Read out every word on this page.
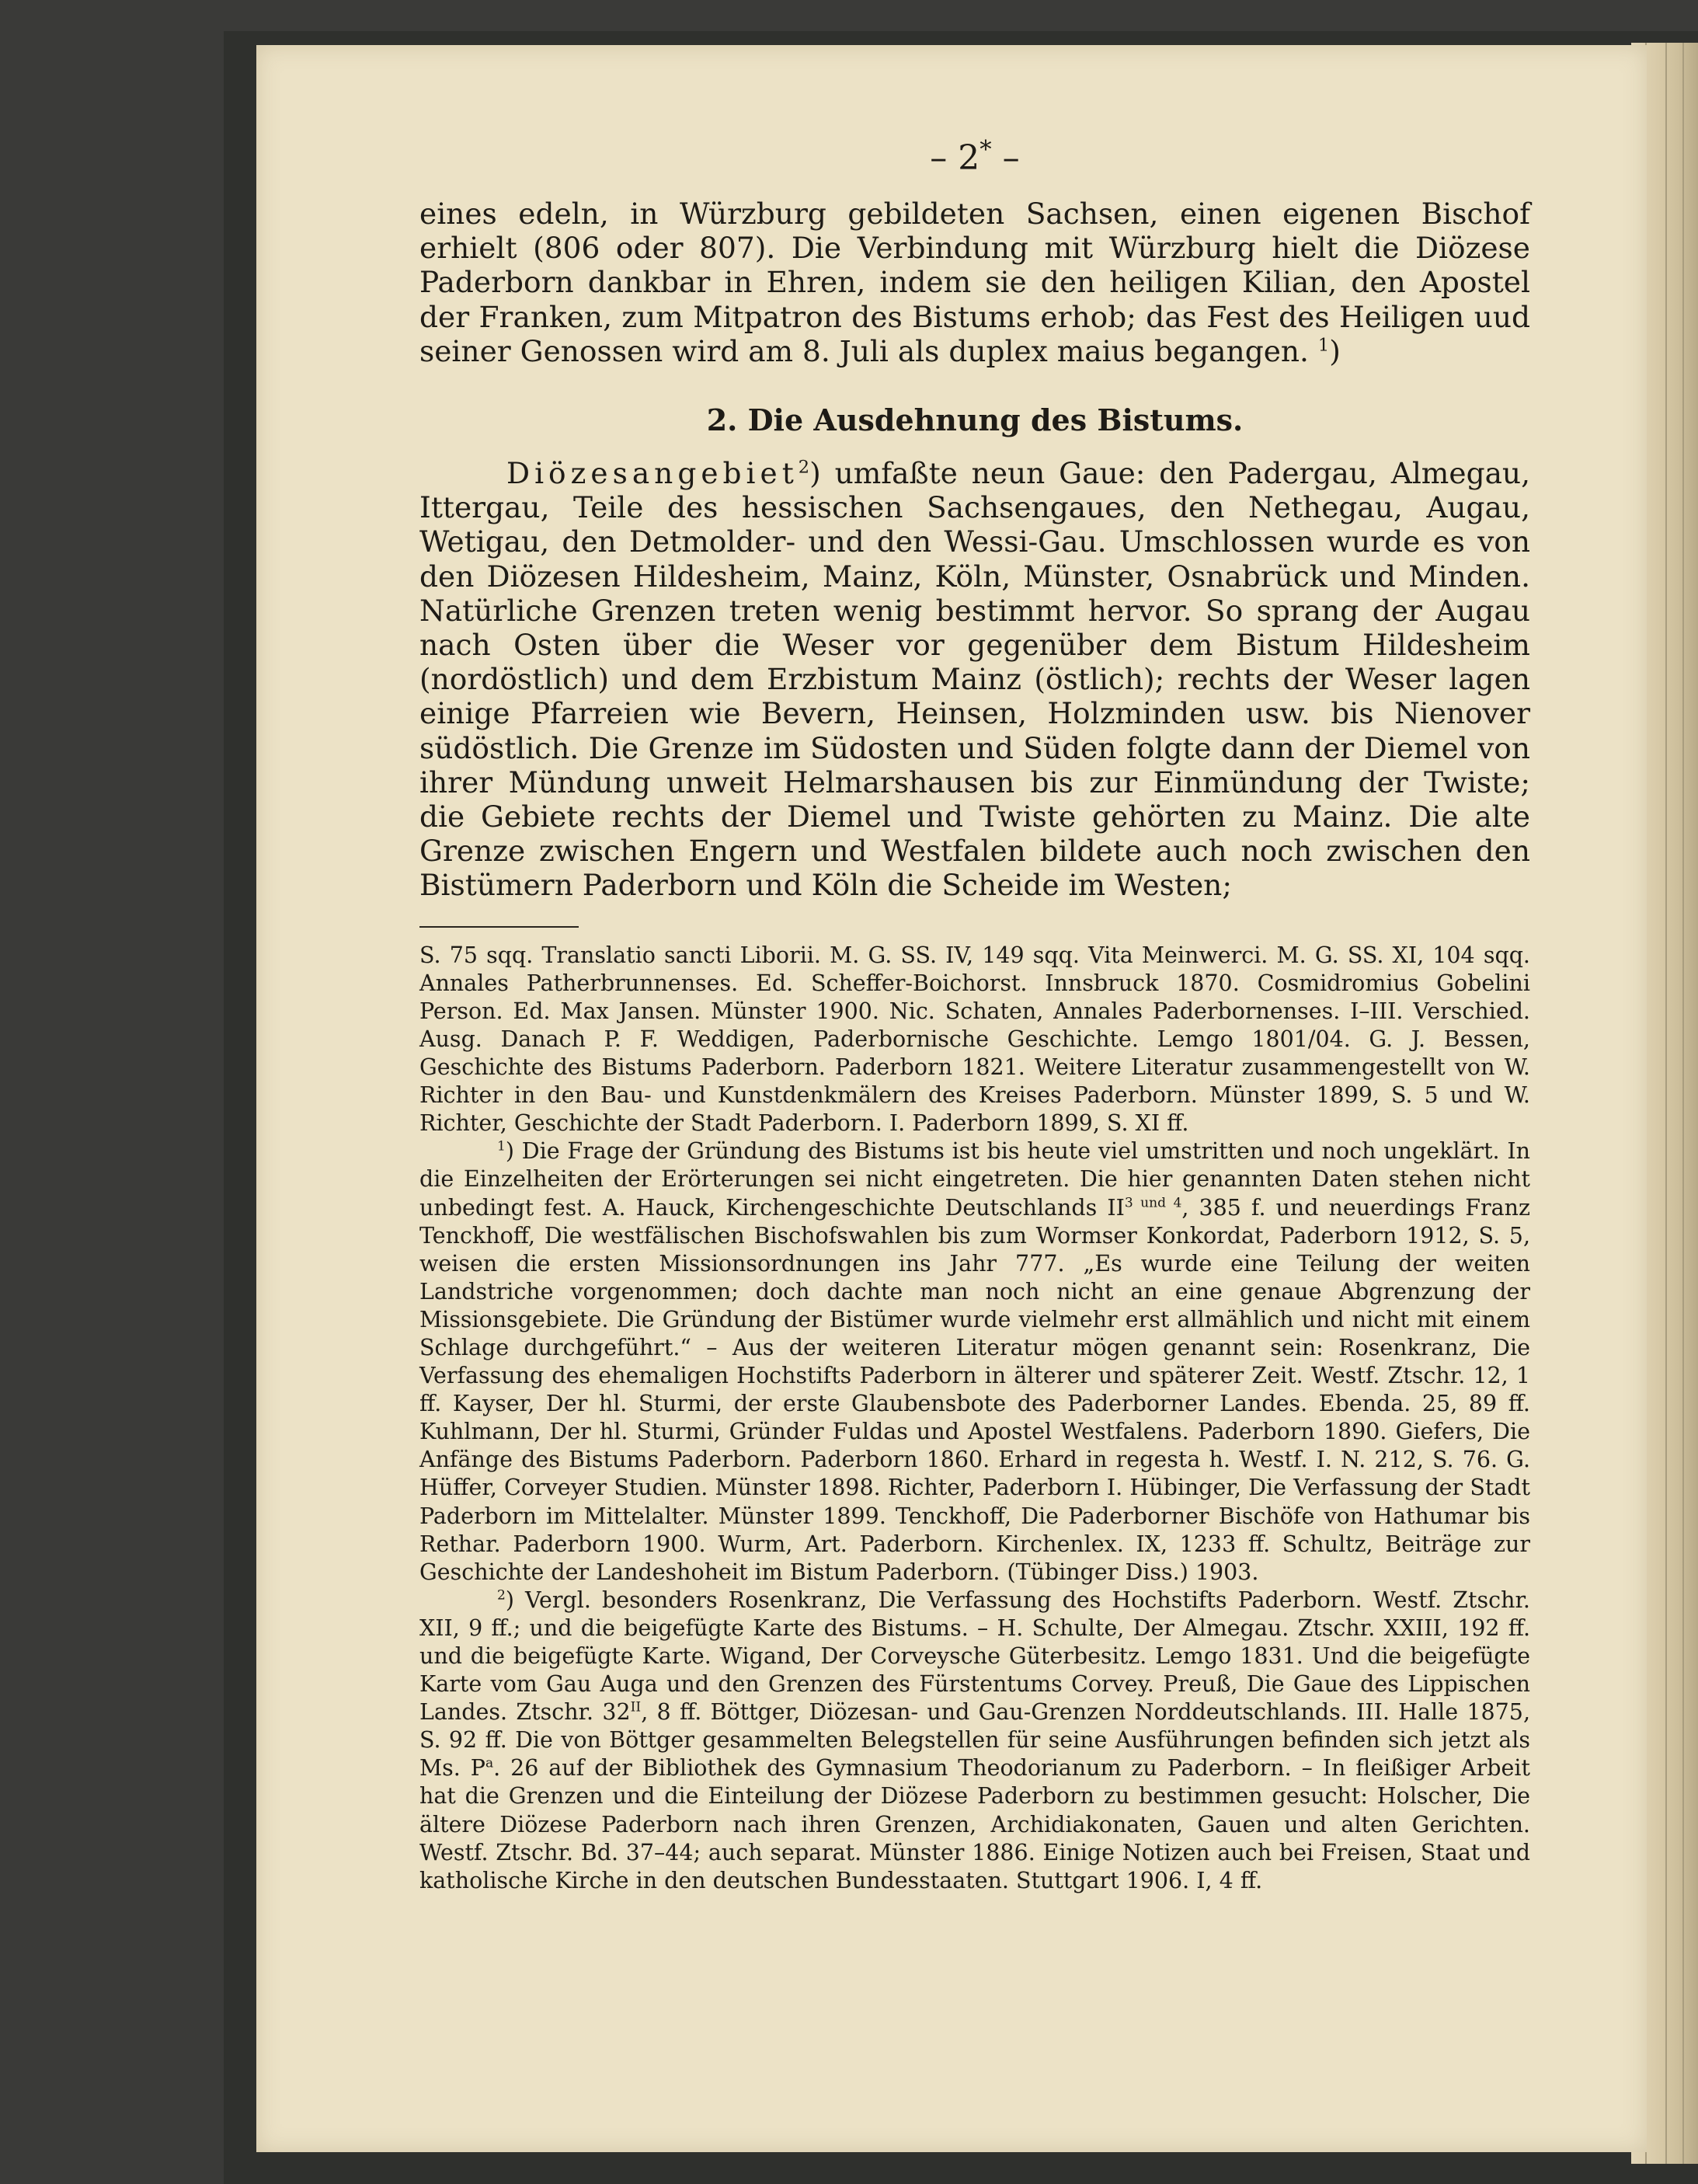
– 2* –

eines edeln, in Würzburg gebildeten Sachsen, einen eigenen Bischof erhielt (806 oder 807). Die Verbindung mit Würzburg hielt die Diözese Paderborn dankbar in Ehren, indem sie den heiligen Kilian, den Apostel der Franken, zum Mitpatron des Bistums erhob; das Fest des Heiligen uud seiner Genossen wird am 8. Juli als duplex maius begangen. $^1$)

2. Die Ausdehnung des Bistums.

Diözesangebiet$^2$) umfaßte neun Gaue: den Padergau, Almegau, Ittergau, Teile des hessischen Sachsengaues, den Nethegau, Augau, Wetigau, den Detmolder- und den Wessi-Gau. Umschlossen wurde es von den Diözesen Hildesheim, Mainz, Köln, Münster, Osnabrück und Minden. Natürliche Grenzen treten wenig bestimmt hervor. So sprang der Augau nach Osten über die Weser vor gegenüber dem Bistum Hildesheim (nordöstlich) und dem Erzbistum Mainz (östlich); rechts der Weser lagen einige Pfarreien wie Bevern, Heinsen, Holzminden usw. bis Nienover südöstlich. Die Grenze im Südosten und Süden folgte dann der Diemel von ihrer Mündung unweit Helmarshausen bis zur Einmündung der Twiste; die Gebiete rechts der Diemel und Twiste gehörten zu Mainz. Die alte Grenze zwischen Engern und Westfalen bildete auch noch zwischen den Bistümern Paderborn und Köln die Scheide im Westen;

S. 75 sqq. Translatio sancti Liborii. M. G. SS. IV, 149 sqq. Vita Meinwerci. M. G. SS. XI, 104 sqq. Annales Patherbrunnenses. Ed. Scheffer-Boichorst. Innsbruck 1870. Cosmidromius Gobelini Person. Ed. Max Jansen. Münster 1900. Nic. Schaten, Annales Paderbornenses. I–III. Verschied. Ausg. Danach P. F. Weddigen, Paderbornische Geschichte. Lemgo 1801/04. G. J. Bessen, Geschichte des Bistums Paderborn. Paderborn 1821. Weitere Literatur zusammengestellt von W. Richter in den Bau- und Kunstdenkmälern des Kreises Paderborn. Münster 1899, S. 5 und W. Richter, Geschichte der Stadt Paderborn. I. Paderborn 1899, S. XI ff.

$^1$) Die Frage der Gründung des Bistums ist bis heute viel umstritten und noch ungeklärt. In die Einzelheiten der Erörterungen sei nicht eingetreten. Die hier genannten Daten stehen nicht unbedingt fest. A. Hauck, Kirchengeschichte Deutschlands $II^{3 und 4}$, 385 f. und neuerdings Franz Tenckhoff, Die westfälischen Bischofswahlen bis zum Wormser Konkordat, Paderborn 1912, S. 5, weisen die ersten Missionsordnungen ins Jahr 777. „Es wurde eine Teilung der weiten Landstriche vorgenommen; doch dachte man noch nicht an eine genaue Abgrenzung der Missionsgebiete. Die Gründung der Bistümer wurde vielmehr erst allmählich und nicht mit einem Schlage durchgeführt.“ – Aus der weiteren Literatur mögen genannt sein: Rosenkranz, Die Verfassung des ehemaligen Hochstifts Paderborn in älterer und späterer Zeit. Westf. Ztschr. 12, 1 ff. Kayser, Der hl. Sturmi, der erste Glaubensbote des Paderborner Landes. Ebenda. 25, 89 ff. Kuhlmann, Der hl. Sturmi, Gründer Fuldas und Apostel Westfalens. Paderborn 1890. Giefers, Die Anfänge des Bistums Paderborn. Paderborn 1860. Erhard in regesta h. Westf. I. N. 212, S. 76. G. Hüffer, Corveyer Studien. Münster 1898. Richter, Paderborn I. Hübinger, Die Verfassung der Stadt Paderborn im Mittelalter. Münster 1899. Tenckhoff, Die Paderborner Bischöfe von Hathumar bis Rethar. Paderborn 1900. Wurm, Art. Paderborn. Kirchenlex. IX, 1233 ff. Schultz, Beiträge zur Geschichte der Landeshoheit im Bistum Paderborn. (Tübinger Diss.) 1903.

$^2$) Vergl. besonders Rosenkranz, Die Verfassung des Hochstifts Paderborn. Westf. Ztschr. XII, 9 ff.; und die beigefügte Karte des Bistums. – H. Schulte, Der Almegau. Ztschr. XXIII, 192 ff. und die beigefügte Karte. Wigand, Der Corveysche Güterbesitz. Lemgo 1831. Und die beigefügte Karte vom Gau Auga und den Grenzen des Fürstentums Corvey. Preuß, Die Gaue des Lippischen Landes. Ztschr. $32^{II}$, 8 ff. Böttger, Diözesan- und Gau-Grenzen Norddeutschlands. III. Halle 1875, S. 92 ff. Die von Böttger gesammelten Belegstellen für seine Ausführungen befinden sich jetzt als Ms. $P^a$. 26 auf der Bibliothek des Gymnasium Theodorianum zu Paderborn. – In fleißiger Arbeit hat die Grenzen und die Einteilung der Diözese Paderborn zu bestimmen gesucht: Holscher, Die ältere Diözese Paderborn nach ihren Grenzen, Archidiakonaten, Gauen und alten Gerichten. Westf. Ztschr. Bd. 37–44; auch separat. Münster 1886. Einige Notizen auch bei Freisen, Staat und katholische Kirche in den deutschen Bundesstaaten. Stuttgart 1906. I, 4 ff.
